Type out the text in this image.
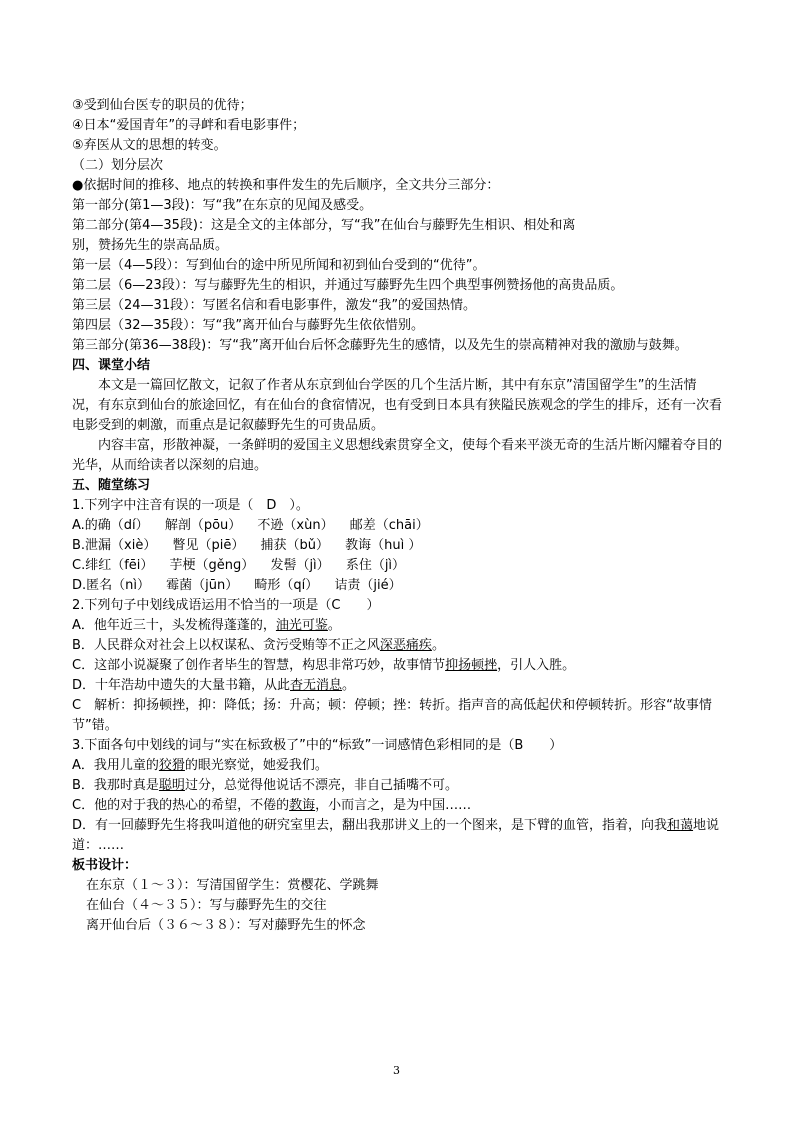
③受到仙台医专的职员的优待；
④日本“爱国青年”的寻衅和看电影事件；
⑤弃医从文的思想的转变。
（二）划分层次
●依据时间的推移、地点的转换和事件发生的先后顺序，全文共分三部分：
第一部分(第1—3段)：写“我”在东京的见闻及感受。
第二部分(第4—35段)：这是全文的主体部分，写“我”在仙台与藤野先生相识、相处和离
别，赞扬先生的崇高品质。
第一层（4—5段）：写到仙台的途中所见所闻和初到仙台受到的“优待”。
第二层（6—23段）：写与藤野先生的相识，并通过写藤野先生四个典型事例赞扬他的高贵品质。
第三层（24—31段）：写匿名信和看电影事件，激发“我”的爱国热情。
第四层（32—35段）：写“我”离开仙台与藤野先生依依惜别。
第三部分(第36—38段)：写“我”离开仙台后怀念藤野先生的感情，以及先生的崇高精神对我的激励与鼓舞。
四、课堂小结
本文是一篇回忆散文，记叙了作者从东京到仙台学医的几个生活片断，其中有东京”清国留学生”的生活情况，有东京到仙台的旅途回忆，有在仙台的食宿情况，也有受到日本具有狭隘民族观念的学生的排斥，还有一次看电影受到的刺激，而重点是记叙藤野先生的可贵品质。
内容丰富，形散神凝，一条鲜明的爱国主义思想线索贯穿全文，使每个看来平淡无奇的生活片断闪耀着夺目的光华，从而给读者以深刻的启迪。
五、随堂练习
1.下列字中注音有误的一项是（　D　）。
A.的确（dí） 解剖（pōu） 不逊（xùn） 邮差（chāi）
B.泄漏（xiè） 瞥见（piē） 捕获（bǔ） 教诲（huì ）
C.绯红（fēi） 芋梗（gěnɡ） 发髻（jì） 系住（jì）
D.匿名（nì） 霉菌（jūn） 畸形（qí） 诘责（jié）
2.下列句子中划线成语运用不恰当的一项是（C　　）
A．他年近三十，头发梳得蓬蓬的，油光可鉴。
B．人民群众对社会上以权谋私、贪污受贿等不正之风深恶痛疾。
C．这部小说凝聚了创作者毕生的智慧，构思非常巧妙，故事情节抑扬顿挫，引人入胜。
D．十年浩劫中遗失的大量书籍，从此杳无消息。
C　解析：抑扬顿挫，抑：降低；扬：升高；顿：停顿；挫：转折。指声音的高低起伏和停顿转折。形容“故事情节”错。
3.下面各句中划线的词与“实在标致极了”中的“标致”一词感情色彩相同的是（B　　）
A．我用儿童的狡猾的眼光察觉，她爱我们。
B．我那时真是聪明过分，总觉得他说话不漂亮，非自己插嘴不可。
C．他的对于我的热心的希望，不倦的教诲，小而言之，是为中国……
D．有一回藤野先生将我叫道他的研究室里去，翻出我那讲义上的一个图来，是下臂的血管，指着，向我和蔼地说道：……
板书设计：
在东京（１～３）：写清国留学生：赏樱花、学跳舞
在仙台（４～３５）：写与藤野先生的交往
离开仙台后（３６～３８）：写对藤野先生的怀念
3
